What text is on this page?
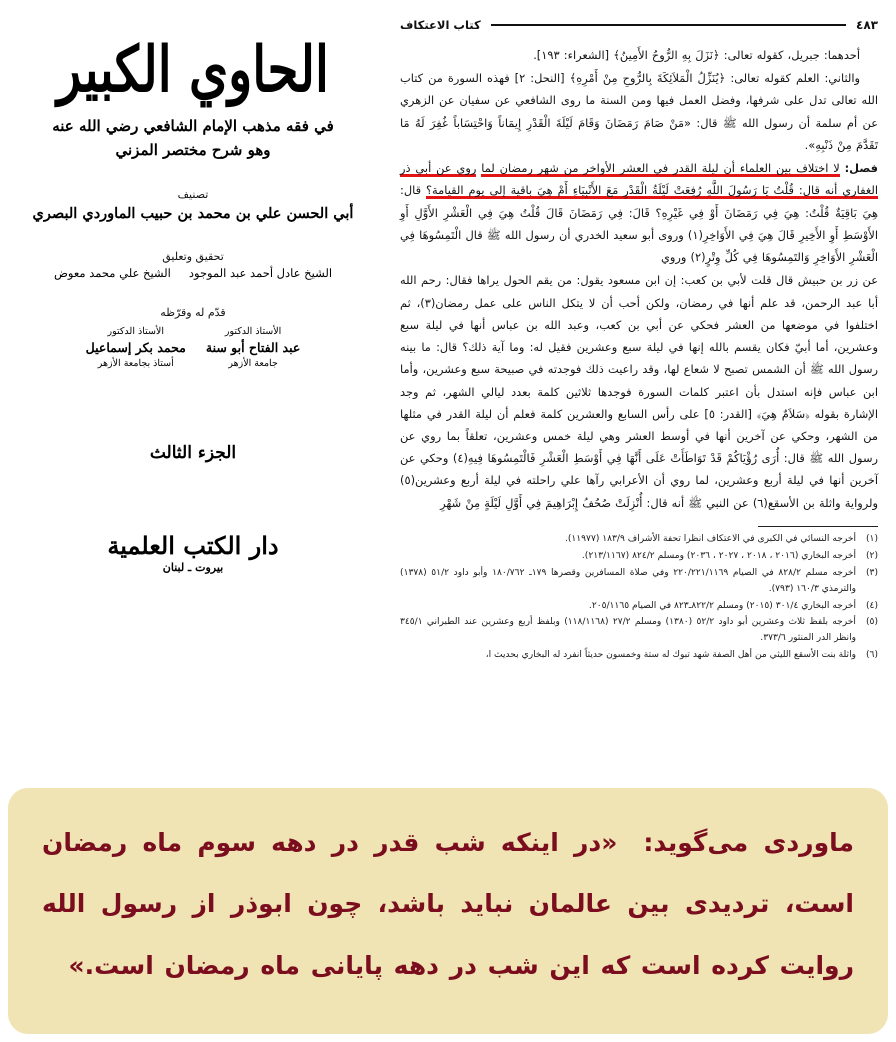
الحاوي الكبير
في فقه مذهب الإمام الشافعي رضي الله عنه
وهو شرح مختصر المزني
تصنيف
أبي الحسن علي بن محمد بن حبيب الماوردي البصري
تحقيق وتعليق
الشيخ علي محمد معوض الشيخ عادل أحمد عبد الموجود
قدّم له وقرّظه
الأستاذ الدكتور
محمد بكر إسماعيل
أستاذ بجامعة الأزهر
الأستاذ الدكتور
عبد الفتاح أبو سنة
جامعة الأزهر
الجزء الثالث
دار الكتب العلمية
بيروت ـ لبنان
كتاب الاعتكاف	٤٨٣

أحدهما: جبريل، كقوله تعالى: ﴿نَزَلَ بِهِ الرُّوحُ الأَمِينُ﴾ [الشعراء: ١٩٣].

والثاني: العلم كقوله تعالى: ﴿يُنَزِّلُ الْمَلاَئِكَةَ بِالرُّوحِ مِنْ أَمْرِهِ﴾ [النحل: ٢] فهذه السورة من كتاب الله تعالى تدل على شرفها، وفضل العمل فيها ومن السنة ما روى الشافعي عن سفيان عن الزهري عن أم سلمة أن رسول الله ﷺ قال: «مَنْ صَامَ رَمَضَانَ وَقَامَ لَيْلَةَ الْقَدْرِ إِيمَاناً وَاحْتِسَاباً غُفِرَ لَهُ مَا تَقَدَّمَ مِنْ ذَنْبِهِ».

فصل: لا اختلاف بين العلماء أن ليلة القدر في العشر الأواخر من شهر رمضان لما روي عن أبي ذر الغفاري أنه قال: قُلْتُ يَا رَسُولَ اللَّهِ رُفِعَتْ لَيْلَةُ الْقَدْرِ مَعَ الأَنْبِيَاءِ أَمْ هِيَ باقية إلى يوم القيامة؟ قال: هِيَ بَاقِيَةٌ قُلْتُ: هِيَ فِي رَمَضَانَ أَوْ فِي غَيْرِهِ؟ قَالَ: فِي رَمَضَانَ قَالَ قُلْتُ هِيَ فِي الْعَشْرِ الأَوَّلِ أَوِ الأَوْسَطِ أَوِ الأَخِيرِ قَالَ هِيَ فِي الأَوَاخِرِ(١) وروى أبو سعيد الخدري أن رسول الله ﷺ قال الْتَمِسُوهَا فِي الْعَشْرِ الأَوَاخِرِ وَالتَمِسُوهَا فِي كُلِّ وِتْرٍ(٢) وروي

عن زر بن حبيش قال قلت لأبي بن كعب: إن ابن مسعود يقول: من يقم الحول يراها فقال: رحم الله أبا عبد الرحمن، قد علم أنها في رمضان، ولكن أحب أن لا يتكل الناس على عمل رمضان(٣)، ثم اختلفوا في موضعها من العشر فحكي عن أبي بن كعب، وعبد الله بن عباس أنها في ليلة سبع وعشرين، أما أبيّ فكان يقسم بالله إنها في ليلة سبع وعشرين فقيل له: وما آية ذلك؟ قال: ما بينه رسول الله ﷺ أن الشمس تصبح لا شعاع لها، وقد راعيت ذلك فوجدته في صبيحة سبع وعشرين، وأما ابن عباس فإنه استدل بأن اعتبر كلمات السورة فوجدها ثلاثين كلمة بعدد ليالي الشهر، ثم وجد الإشارة بقوله ﴿سَلاَمٌ هِيَ﴾ [القدر: ٥] على رأس السابع والعشرين كلمة فعلم أن ليلة القدر في مثلها من الشهر، وحكي عن آخرين أنها في أوسط العشر وهي ليلة خمس وعشرين، تعلقاً بما روي عن رسول الله ﷺ قال: أُرَى رُؤْيَاكُمْ قَدْ تَوَاطَأَتْ عَلَى أَنَّهَا فِي أَوْسَطِ الْعَشْرِ فَالْتَمِسُوهَا فِيهِ(٤) وحكي عن آخرين أنها في ليلة أربع وعشرين، لما روي أن الأعرابي رآها علي راحلته في ليلة أربع وعشرين(٥) ولرواية واثلة بن الأسقع(٦) عن النبي ﷺ أنه قال: أُنْزِلَتْ صُحُفُ إِبْرَاهِيمَ فِي أَوَّلِ لَيْلَةٍ مِنْ شَهْرِ

(١)
أخرجه النسائي في الكبرى في الاعتكاف انظرا تحفة الأشراف ١٨٣/٩ (١١٩٧٧).

(٢)
أخرجه البخاري (٢٠١٦ ، ٢٠١٨ ، ٢٠٢٧ ، ٢٠٣٦) ومسلم ٨٢٤/٢ (٢١٣/١١٦٧).

(٣)
أخرجه مسلم ٨٢٨/٢ في الصيام ٢٢٠/٢٢١/١١٦٩ وفي صلاة المسافرين وقصرها ١٧٩ـ ١٨٠/٧٦٢ وأبو داود ٥١/٢ (١٣٧٨) والترمذي ١٦٠/٣ (٧٩٣).

(٤)
أخرجه البخاري ٣٠١/٤ (٢٠١٥) ومسلم ٨٢٢/٢ـ٨٢٣ في الصيام ٢٠٥/١١٦٥.

(٥)
أخرجه بلفظ ثلاث وعشرين أبو داود ٥٢/٢ (١٣٨٠) ومسلم ٢٧/٢ (١١٨/١١٦٨) وبلفظ أربع وعشرين عند الطبراني ٣٤٥/١ وانظر الدر المنثور ٣٧٣/٦.

(٦)
واثلة بنت الأسقع الليثي من أهل الصفة شهد تبوك له ستة وخمسون حديثاً انفرد له البخاري بحديث ا،

ماوردی می‌گوید:«در اینکه شب قدر در دهه سوم ماه رمضان است، تردیدی بین عالمان نباید باشد، چون ابوذر از رسول الله روایت کرده است که این شب در دهه پایانی ماه رمضان است.»
